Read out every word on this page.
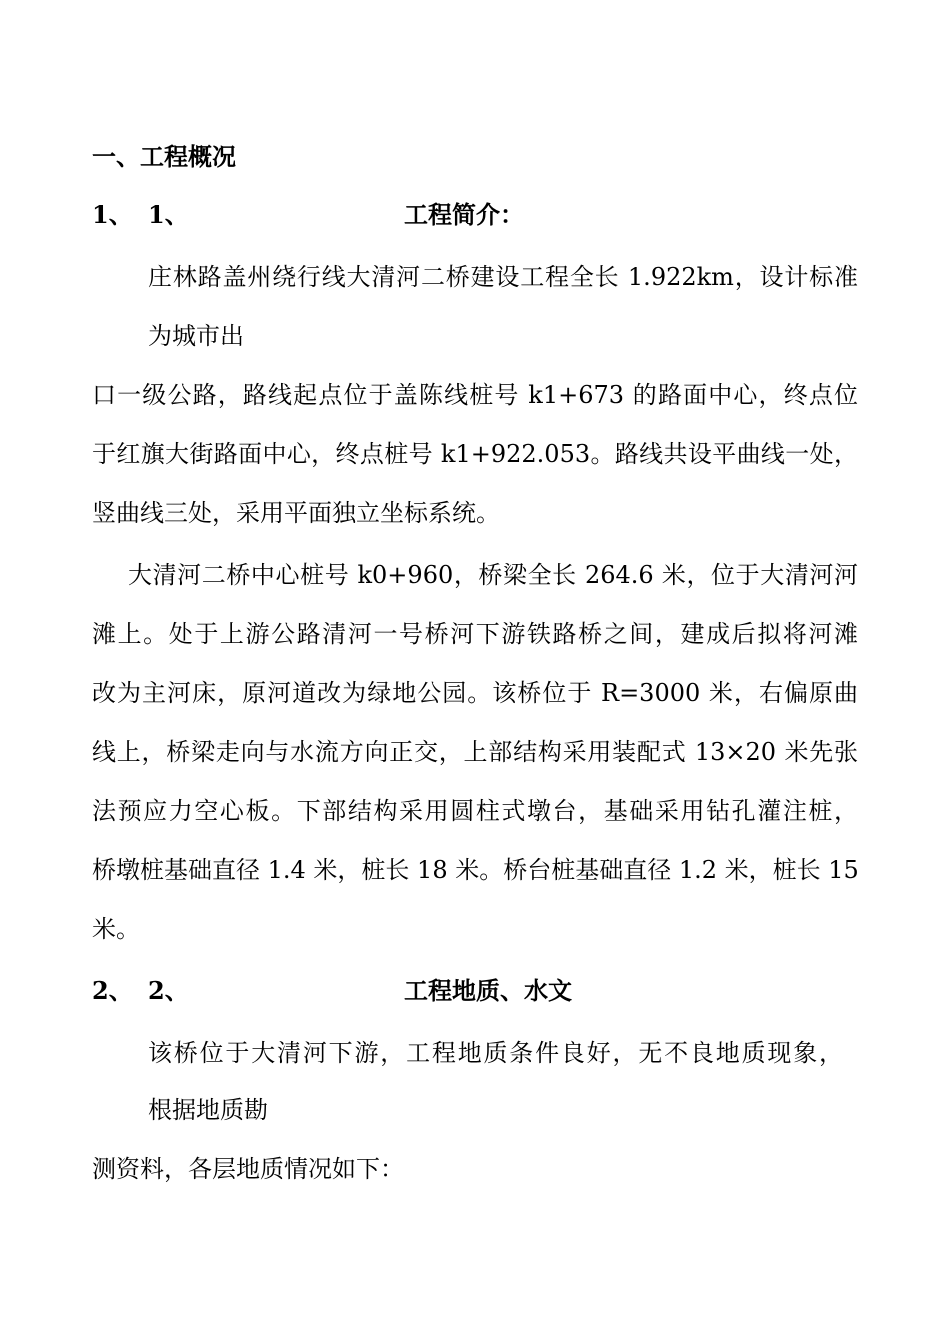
一、工程概况
1、 1、	工程简介：
庄林路盖州绕行线大清河二桥建设工程全长 1.922km，设计标准
为城市出
口一级公路，路线起点位于盖陈线桩号 k1+673 的路面中心，终点位
于红旗大街路面中心，终点桩号 k1+922.053。路线共设平曲线一处，
竖曲线三处，采用平面独立坐标系统。
大清河二桥中心桩号 k0+960，桥梁全长 264.6 米，位于大清河河
滩上。处于上游公路清河一号桥河下游铁路桥之间，建成后拟将河滩
改为主河床，原河道改为绿地公园。该桥位于 R=3000 米，右偏原曲
线上，桥梁走向与水流方向正交，上部结构采用装配式 13×20 米先张
法预应力空心板。下部结构采用圆柱式墩台，基础采用钻孔灌注桩，
桥墩桩基础直径 1.4 米，桩长 18 米。桥台桩基础直径 1.2 米，桩长 15
米。
2、 2、	工程地质、水文
该桥位于大清河下游，工程地质条件良好，无不良地质现象，
根据地质勘
测资料，各层地质情况如下：
